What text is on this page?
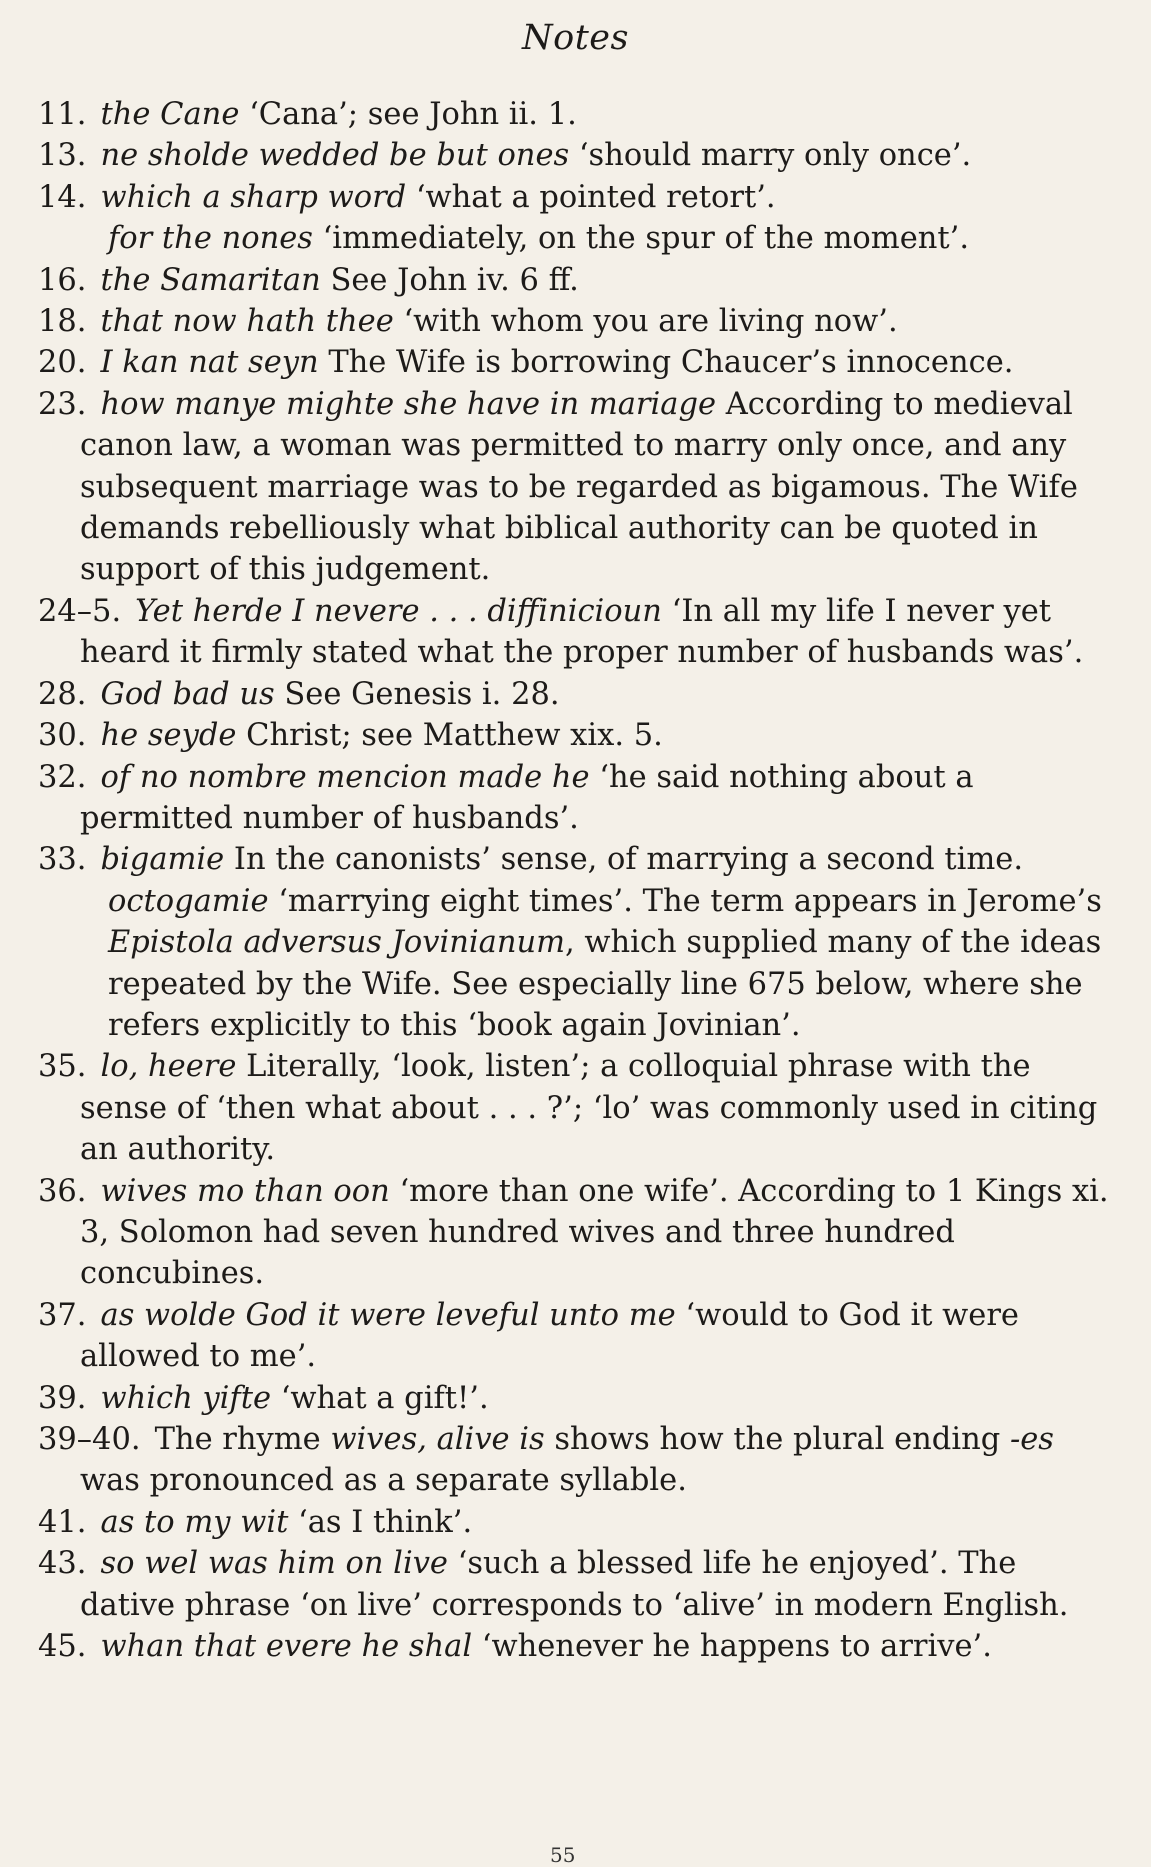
Notes

11. the Cane ‘Cana’; see John ii. 1.

13. ne sholde wedded be but ones ‘should marry only once’.

14. which a sharp word ‘what a pointed retort’.
for the nones ‘immediately, on the spur of the moment’.

16. the Samaritan See John iv. 6 ff.

18. that now hath thee ‘with whom you are living now’.

20. I kan nat seyn The Wife is borrowing Chaucer’s innocence.

23. how manye mighte she have in mariage According to medieval canon law, a woman was permitted to marry only once, and any subsequent marriage was to be regarded as bigamous. The Wife demands rebelliously what biblical authority can be quoted in support of this judgement.

24–5. Yet herde I nevere . . . diffinicioun ‘In all my life I never yet heard it firmly stated what the proper number of husbands was’.

28. God bad us See Genesis i. 28.

30. he seyde Christ; see Matthew xix. 5.

32. of no nombre mencion made he ‘he said nothing about a permitted number of husbands’.

33. bigamie In the canonists’ sense, of marrying a second time.
octogamie ‘marrying eight times’. The term appears in Jerome’s Epistola adversus Jovinianum, which supplied many of the ideas repeated by the Wife. See especially line 675 below, where she refers explicitly to this ‘book again Jovinian’.

35. lo, heere Literally, ‘look, listen’; a colloquial phrase with the sense of ‘then what about . . . ?’; ‘lo’ was commonly used in citing an authority.

36. wives mo than oon ‘more than one wife’. According to 1 Kings xi. 3, Solomon had seven hundred wives and three hundred concubines.

37. as wolde God it were leveful unto me ‘would to God it were allowed to me’.

39. which yifte ‘what a gift!’.

39–40. The rhyme wives, alive is shows how the plural ending -es was pronounced as a separate syllable.

41. as to my wit ‘as I think’.

43. so wel was him on live ‘such a blessed life he enjoyed’. The dative phrase ‘on live’ corresponds to ‘alive’ in modern English.

45. whan that evere he shal ‘whenever he happens to arrive’.

55
